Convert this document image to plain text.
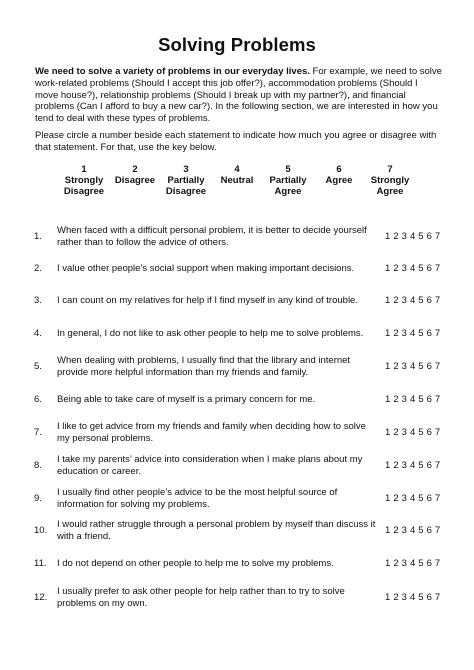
Solving Problems
We need to solve a variety of problems in our everyday lives. For example, we need to solve work-related problems (Should I accept this job offer?), accommodation problems (Should I move house?), relationship problems (Should I break up with my partner?), and financial problems (Can I afford to buy a new car?). In the following section, we are interested in how you tend to deal with these types of problems.
Please circle a number beside each statement to indicate how much you agree or disagree with that statement. For that, use the key below.
1
Strongly
Disagree
2
Disagree
3
Partially
Disagree
4
Neutral
5
Partially
Agree
6
Agree
7
Strongly
Agree
1.
When faced with a difficult personal problem, it is better to decide yourself rather than to follow the advice of others.
1 2 3 4 5 6 7
2. I value other people’s social support when making important decisions.	1 2 3 4 5 6 7
3. I can count on my relatives for help if I find myself in any kind of trouble.	1 2 3 4 5 6 7
4. In general, I do not like to ask other people to help me to solve problems.	1 2 3 4 5 6 7
5.
When dealing with problems, I usually find that the library and internet provide more helpful information than my friends and family.
1 2 3 4 5 6 7
6. Being able to take care of myself is a primary concern for me.	1 2 3 4 5 6 7
7.
I like to get advice from my friends and family when deciding how to solve my personal problems.
1 2 3 4 5 6 7
8.
I take my parents’ advice into consideration when I make plans about my education or career.
1 2 3 4 5 6 7
9.
I usually find other people’s advice to be the most helpful source of information for solving my problems.
1 2 3 4 5 6 7
10.
I would rather struggle through a personal problem by myself than discuss it with a friend.
1 2 3 4 5 6 7
11. I do not depend on other people to help me to solve my problems.	1 2 3 4 5 6 7
12.
I usually prefer to ask other people for help rather than to try to solve problems on my own.
1 2 3 4 5 6 7
